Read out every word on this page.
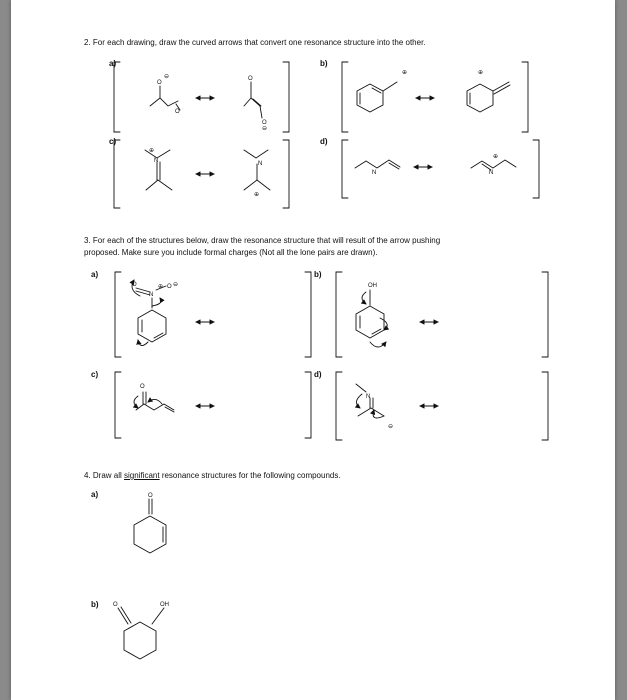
2. For each drawing, draw the curved arrows that convert one resonance structure into the other.
3. For each of the structures below, draw the resonance structure that will result of the arrow pushing
proposed. Make sure you include formal charges (Not all the lone pairs are drawn).
4. Draw all significant resonance structures for the following compounds.
a)	b)
c)	d)
a)	b)
c)	d)
a)
b)
O
⊖
O
O
O
⊖
⊕	⊕
N
⊕
N
⊕
N	N
⊕
O
N
⊕ O ⊖	OH
O
N
⊖
O
O	OH
